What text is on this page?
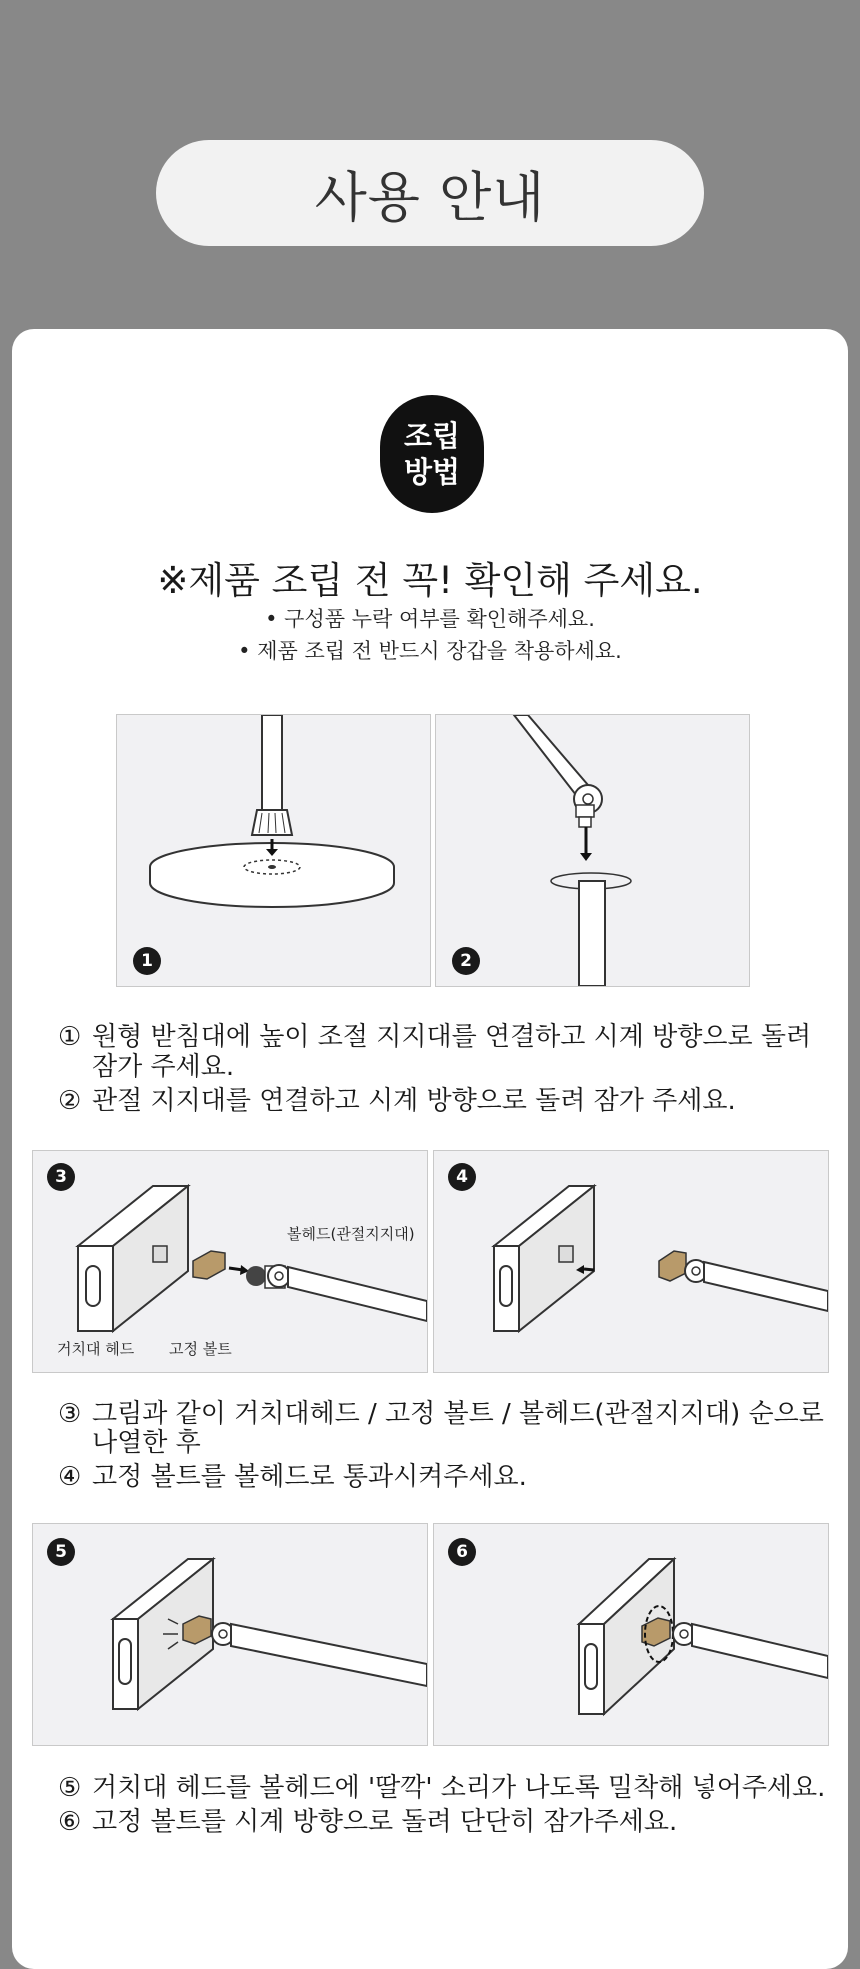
사용 안내
조립
방법
※제품 조립 전 꼭! 확인해 주세요.
• 구성품 누락 여부를 확인해주세요.
• 제품 조립 전 반드시 장갑을 착용하세요.
1	2
① 원형 받침대에 높이 조절 지지대를 연결하고 시계 방향으로 돌려
잠가 주세요.
② 관절 지지대를 연결하고 시계 방향으로 돌려 잠가 주세요.
3
볼헤드(관절지지대)
거치대 헤드 고정 볼트
4
③ 그림과 같이 거치대헤드 / 고정 볼트 / 볼헤드(관절지지대) 순으로
나열한 후
④ 고정 볼트를 볼헤드로 통과시켜주세요.
5	6
⑤ 거치대 헤드를 볼헤드에 '딸깍' 소리가 나도록 밀착해 넣어주세요.
⑥ 고정 볼트를 시계 방향으로 돌려 단단히 잠가주세요.
